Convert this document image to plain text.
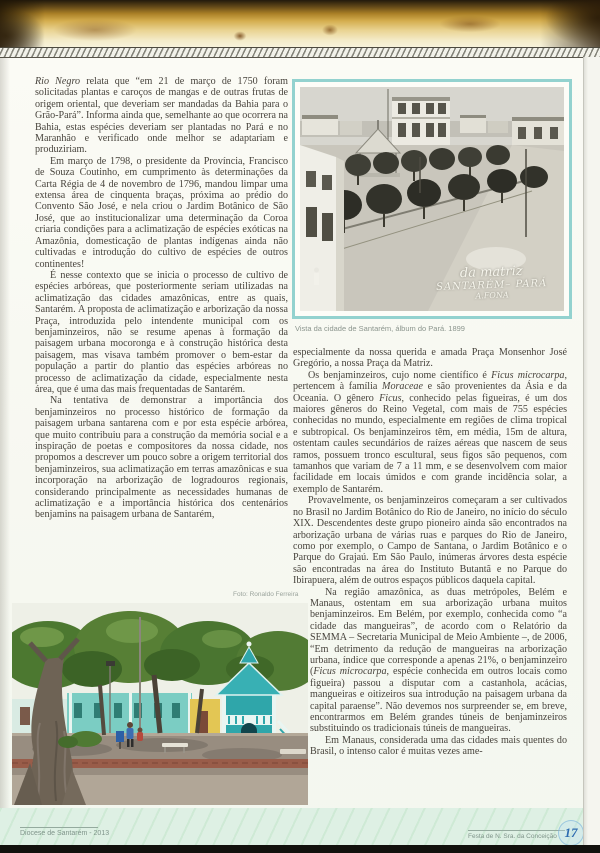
Rio Negro relata que “em 21 de março de 1750 foram solicitadas plantas e caroços de mangas e de outras frutas de origem oriental, que deveriam ser mandadas da Bahia para o Grão-Pará”. Informa ainda que, semelhante ao que ocorrera na Bahia, estas espécies deveriam ser plantadas no Pará e no Maranhão e verificado onde melhor se adaptariam e produziriam.

Em março de 1798, o presidente da Província, Francisco de Souza Coutinho, em cumprimento às determinações da Carta Régia de 4 de novembro de 1796, mandou limpar uma extensa área de cinquenta braças, próxima ao prédio do Convento São José, e nela criou o Jardim Botânico de São José, que ao institucionalizar uma determinação da Coroa criaria condições para a aclimatização de espécies exóticas na Amazônia, domesticação de plantas indígenas ainda não cultivadas e introdução do cultivo de espécies de outros continentes!

É nesse contexto que se inicia o processo de cultivo de espécies arbóreas, que posteriormente seriam utilizadas na aclimatização das cidades amazônicas, entre as quais, Santarém. A proposta de aclimatização e arborização da nossa Praça, introduzida pelo intendente municipal com os benjaminzeiros, não se resume apenas à formação da paisagem urbana mocoronga e à construção histórica desta paisagem, mas visava também promover o bem-estar da população a partir do plantio das espécies arbóreas no processo de aclimatização da cidade, especialmente nesta área, que é uma das mais frequentadas de Santarém.

Na tentativa de demonstrar a importância dos benjaminzeiros no processo histórico de formação da paisagem urbana santarena com e por esta espécie arbórea, que muito contribuiu para a construção da memória social e a inspiração de poetas e compositores da nossa cidade, nos propomos a descrever um pouco sobre a origem territorial dos benjaminzeiros, sua aclimatização em terras amazônicas e sua incorporação na arborização de logradouros regionais, considerando principalmente as necessidades humanas de aclimatização e a importância histórica dos centenários benjamins na paisagem urbana de Santarém,

da matriz
SANTARÉM– PARÁ
A.FONA
Vista da cidade de Santarém, álbum do Pará. 1899

especialmente da nossa querida e amada Praça Monsenhor José Gregório, a nossa Praça da Matriz.

Os benjaminzeiros, cujo nome científico é Ficus microcarpa, pertencem à família Moraceae e são provenientes da Ásia e da Oceania. O gênero Ficus, conhecido pelas figueiras, é um dos maiores gêneros do Reino Vegetal, com mais de 755 espécies conhecidas no mundo, especialmente em regiões de clima tropical e subtropical. Os benjaminzeiros têm, em média, 15m de altura, ostentam caules secundários de raízes aéreas que nascem de seus ramos, possuem tronco escultural, seus figos são pequenos, com tamanhos que variam de 7 a 11 mm, e se desenvolvem com maior facilidade em locais úmidos e com grande incidência solar, a exemplo de Santarém.

Provavelmente, os benjaminzeiros começaram a ser cultivados no Brasil no Jardim Botânico do Rio de Janeiro, no início do século XIX. Descendentes deste grupo pioneiro ainda são encontrados na arborização urbana de várias ruas e parques do Rio de Janeiro, como por exemplo, o Campo de Santana, o Jardim Botânico e o Parque do Grajaú. Em São Paulo, inúmeras árvores desta espécie são encontradas na área do Instituto Butantã e no Parque do Ibirapuera, além de outros espaços públicos daquela capital.

Na região amazônica, as duas metrópoles, Belém e Manaus, ostentam em sua arborização urbana muitos benjaminzeiros. Em Belém, por exemplo, conhecida como “a cidade das mangueiras”, de acordo com o Relatório da SEMMA – Secretaria Municipal de Meio Ambiente –, de 2006, “Em detrimento da redução de mangueiras na arborização urbana, índice que corresponde a apenas 21%, o benjaminzeiro (Ficus microcarpa, espécie conhecida em outros locais como figueira) passou a disputar com a castanhola, acácias, mangueiras e oitizeiros sua introdução na paisagem urbana da capital paraense”. Não devemos nos surpreender se, em breve, encontrarmos em Belém grandes túneis de benjaminzeiros substituindo os tradicionais túneis de mangueiras.

Em Manaus, considerada uma das cidades mais quentes do Brasil, o intenso calor é muitas vezes ame-

Foto: Ronaldo Ferreira
Diocese de Santarém - 2013	Festa de N. Sra. da Conceição 17
